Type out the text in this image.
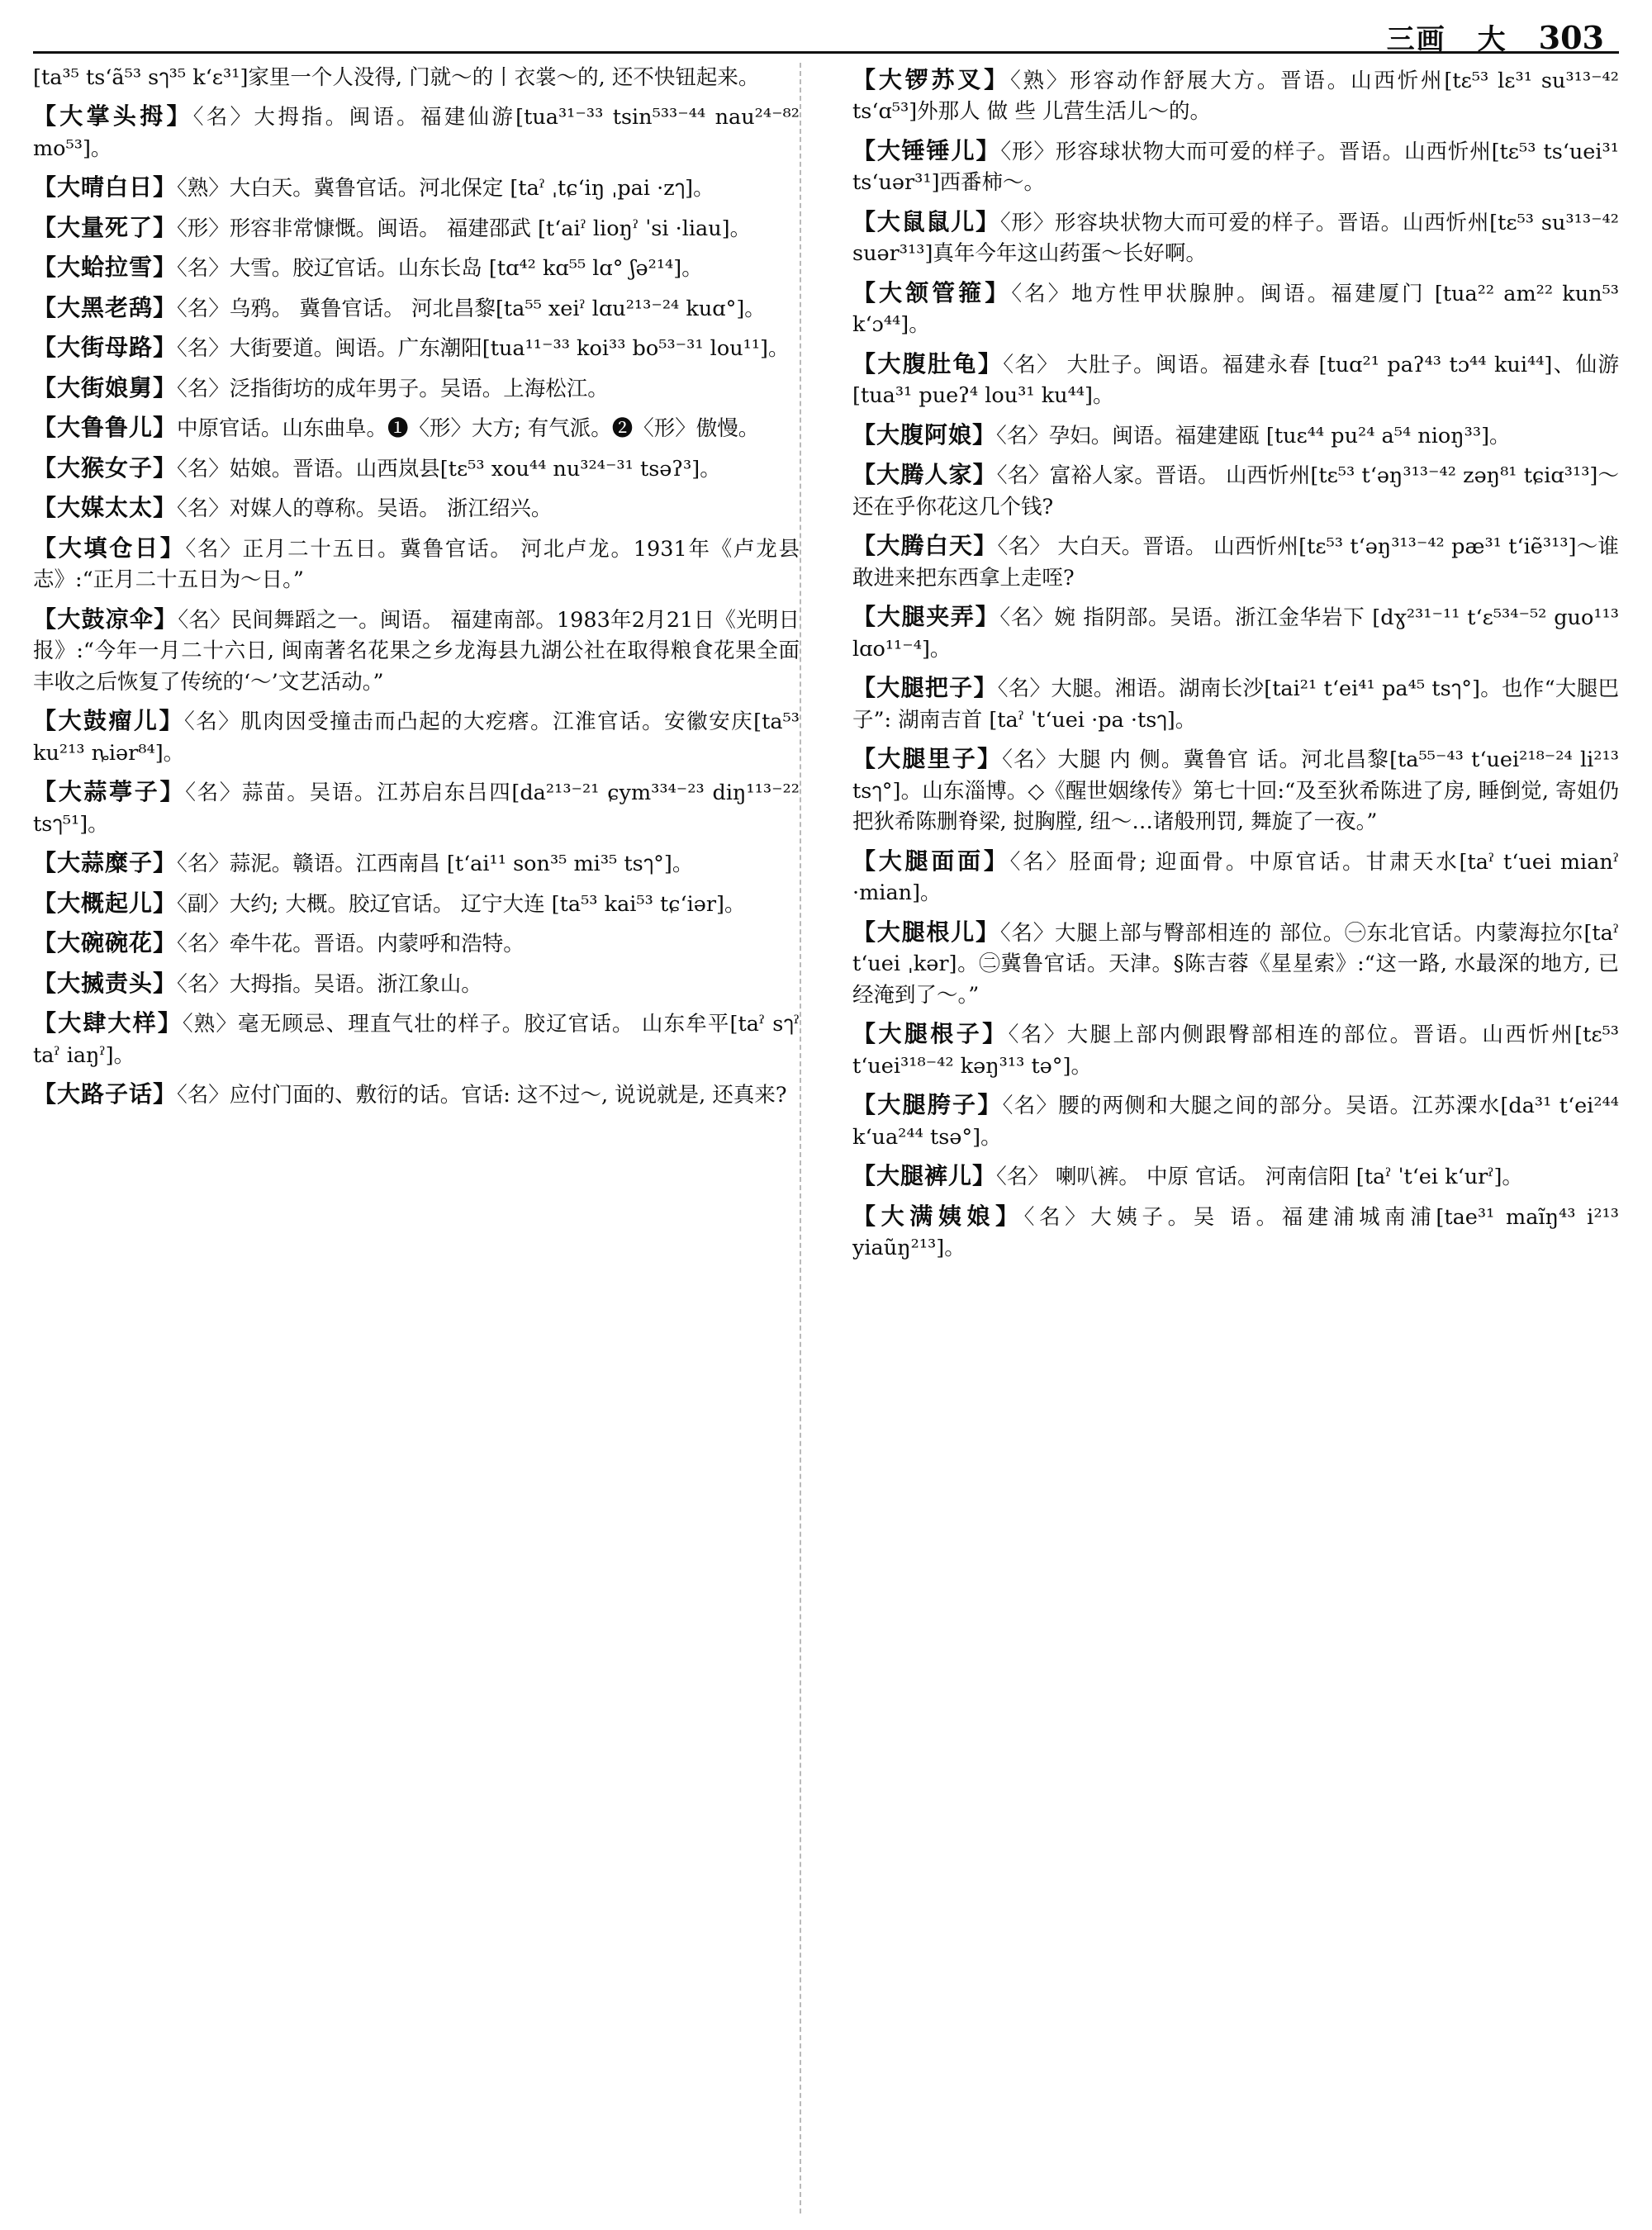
三画 大 303
[ta³⁵ ts‘ã⁵³ sๅ³⁵ k‘ε³¹]家里一个人没得, 门就～的丨衣裳～的, 还不快钮起来。
【大掌头拇】〈名〉大拇指。闽语。福建仙游[tua³¹⁻³³ tsin⁵³³⁻⁴⁴ nau²⁴⁻⁸² mo⁵³]。
【大晴白日】〈熟〉大白天。冀鲁官话。河北保定 [taˀ ˌtɕ‘iŋ ˌpai ·zๅ]。
【大量死了】〈形〉形容非常慷慨。闽语。 福建邵武 [t‘aiˀ lioŋˀ ˈsi ·liau]。
【大蛤拉雪】〈名〉大雪。胶辽官话。山东长岛 [tɑ⁴² kɑ⁵⁵ lɑ° ʃə²¹⁴]。
【大黑老鸹】〈名〉乌鸦。 冀鲁官话。 河北昌黎[ta⁵⁵ xeiˀ lɑu²¹³⁻²⁴ kuɑ°]。
【大街母路】〈名〉大街要道。闽语。广东潮阳[tua¹¹⁻³³ koi³³ bo⁵³⁻³¹ lou¹¹]。
【大街娘舅】〈名〉泛指街坊的成年男子。吴语。上海松江。
【大鲁鲁儿】中原官话。山东曲阜。❶〈形〉大方; 有气派。❷〈形〉傲慢。
【大猴女子】〈名〉姑娘。晋语。山西岚县[tɛ⁵³ xou⁴⁴ nu³²⁴⁻³¹ tsəʔ³]。
【大媒太太】〈名〉对媒人的尊称。吴语。 浙江绍兴。
【大填仓日】〈名〉正月二十五日。冀鲁官话。 河北卢龙。1931年《卢龙县志》:“正月二十五日为～日。”
【大鼓凉伞】〈名〉民间舞蹈之一。闽语。 福建南部。1983年2月21日《光明日报》:“今年一月二十六日, 闽南著名花果之乡龙海县九湖公社在取得粮食花果全面丰收之后恢复了传统的‘～’文艺活动。”
【大鼓瘤儿】〈名〉肌肉因受撞击而凸起的大疙瘩。江淮官话。安徽安庆[ta⁵³ ku²¹³ ȵiər⁸⁴]。
【大蒜葶子】〈名〉蒜苗。吴语。江苏启东吕四[da²¹³⁻²¹ ɕym³³⁴⁻²³ diŋ¹¹³⁻²² tsๅ⁵¹]。
【大蒜糜子】〈名〉蒜泥。赣语。江西南昌 [t‘ai¹¹ son³⁵ mi³⁵ tsๅ°]。
【大概起儿】〈副〉大约; 大概。胶辽官话。 辽宁大连 [ta⁵³ kai⁵³ tɕ‘iər]。
【大碗碗花】〈名〉牵牛花。晋语。内蒙呼和浩特。
【大搣责头】〈名〉大拇指。吴语。浙江象山。
【大肆大样】〈熟〉毫无顾忌、理直气壮的样子。胶辽官话。 山东牟平[taˀ sๅˀ taˀ iaŋˀ]。
【大路子话】〈名〉应付门面的、敷衍的话。官话: 这不过～, 说说就是, 还真来?
【大锣苏叉】〈熟〉形容动作舒展大方。晋语。山西忻州[tɛ⁵³ lɛ³¹ su³¹³⁻⁴² ts‘ɑ⁵³]外那人 做 些 儿营生活儿～的。
【大锤锤儿】〈形〉形容球状物大而可爱的样子。晋语。山西忻州[tɛ⁵³ ts‘uei³¹ ts‘uər³¹]西番柿～。
【大鼠鼠儿】〈形〉形容块状物大而可爱的样子。晋语。山西忻州[tɛ⁵³ su³¹³⁻⁴² suər³¹³]真年今年这山药蛋～长好啊。
【大颔管箍】〈名〉地方性甲状腺肿。闽语。福建厦门 [tua²² am²² kun⁵³ k‘ɔ⁴⁴]。
【大腹肚龟】〈名〉 大肚子。闽语。福建永春 [tuɑ²¹ paʔ⁴³ tɔ⁴⁴ kui⁴⁴]、仙游[tua³¹ pueʔ⁴ lou³¹ ku⁴⁴]。
【大腹阿娘】〈名〉孕妇。闽语。福建建瓯 [tuɛ⁴⁴ pu²⁴ a⁵⁴ nioŋ³³]。
【大腾人家】〈名〉富裕人家。晋语。 山西忻州[tɛ⁵³ t‘əŋ³¹³⁻⁴² zəŋ⁸¹ tɕiɑ³¹³]～还在乎你花这几个钱?
【大腾白天】〈名〉 大白天。晋语。 山西忻州[tɛ⁵³ t‘əŋ³¹³⁻⁴² pæ³¹ t‘iẽ³¹³]～谁敢进来把东西拿上走咥?
【大腿夹弄】〈名〉婉 指阴部。吴语。浙江金华岩下 [dɣ²³¹⁻¹¹ t‘ɛ⁵³⁴⁻⁵² guo¹¹³ lɑo¹¹⁻⁴]。
【大腿把子】〈名〉大腿。湘语。湖南长沙[tai²¹ t‘ei⁴¹ pa⁴⁵ tsๅ°]。也作“大腿巴子”: 湖南吉首 [taˀ ˈt‘uei ·pa ·tsๅ]。
【大腿里子】〈名〉大腿 内 侧。冀鲁官 话。河北昌黎[ta⁵⁵⁻⁴³ t‘uei²¹⁸⁻²⁴ li²¹³ tsๅ°]。山东淄博。◇《醒世姻缘传》第七十回:“及至狄希陈进了房, 睡倒觉, 寄姐仍把狄希陈删脊梁, 挝胸膛, 纽～…诸般刑罚, 舞旋了一夜。”
【大腿面面】〈名〉胫面骨; 迎面骨。中原官话。甘肃天水[taˀ t‘uei mianˀ ·mian]。
【大腿根儿】〈名〉大腿上部与臀部相连的 部位。㊀东北官话。内蒙海拉尔[taˀ t‘uei ˌkər]。㊁冀鲁官话。天津。§陈吉蓉《星星索》:“这一路, 水最深的地方, 已经淹到了～。”
【大腿根子】〈名〉大腿上部内侧跟臀部相连的部位。晋语。山西忻州[tɛ⁵³ t‘uei³¹⁸⁻⁴² kəŋ³¹³ tə°]。
【大腿胯子】〈名〉腰的两侧和大腿之间的部分。吴语。江苏溧水[da³¹ t‘ei²⁴⁴ k‘ua²⁴⁴ tsə°]。
【大腿裤儿】〈名〉 喇叭裤。 中原 官话。 河南信阳 [taˀ ˈt‘ei k‘urˀ]。
【大满姨娘】〈名〉大姨子。吴 语。福建浦城南浦[tae³¹ maĩŋ⁴³ i²¹³ yiaũŋ²¹³]。
